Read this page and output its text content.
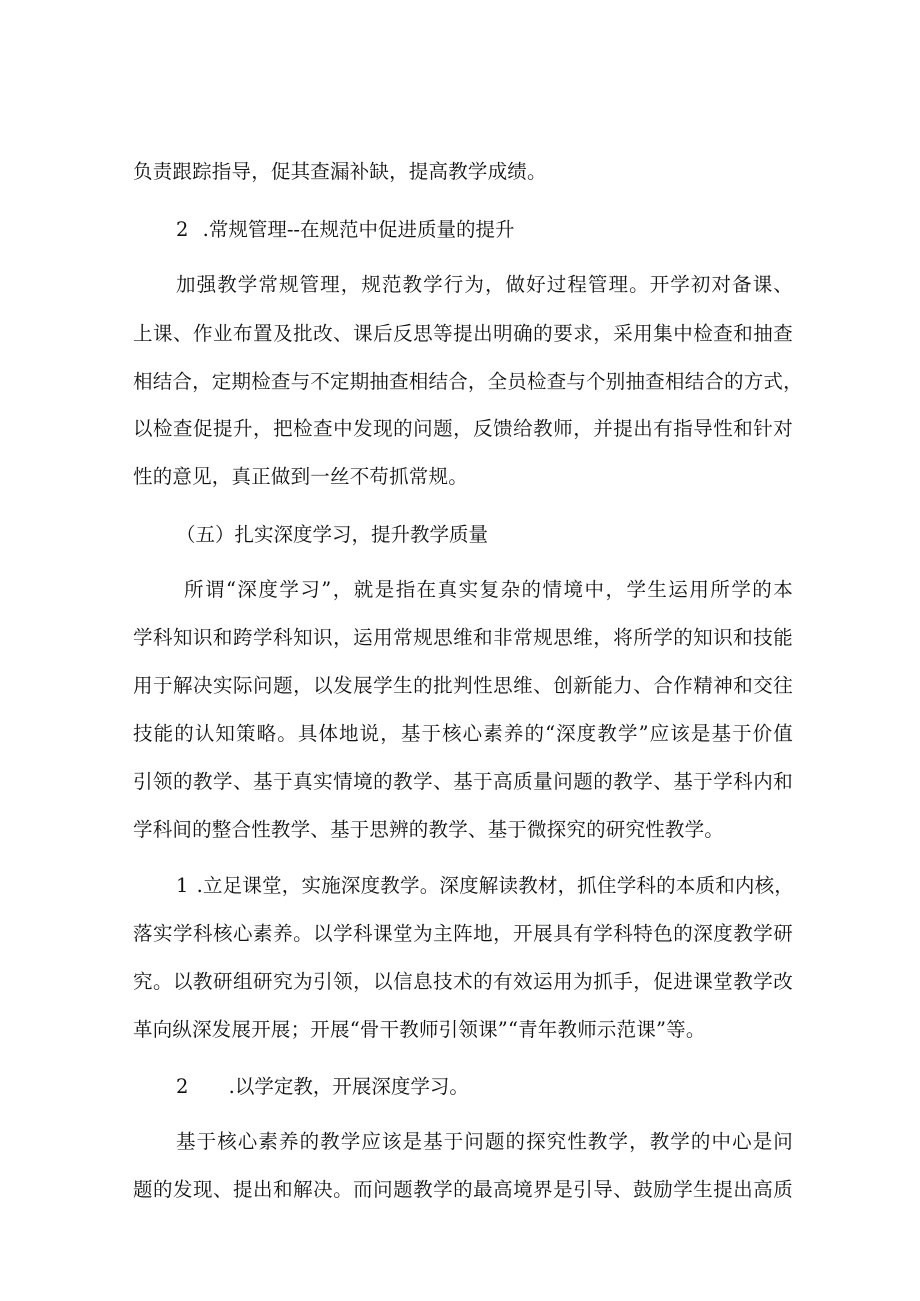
负责跟踪指导，促其查漏补缺，提高教学成绩。
2 .常规管理--在规范中促进质量的提升
加强教学常规管理，规范教学行为，做好过程管理。开学初对备课、
上课、作业布置及批改、课后反思等提出明确的要求，采用集中检查和抽查
相结合，定期检查与不定期抽查相结合，全员检查与个别抽查相结合的方式，
以检查促提升，把检查中发现的问题，反馈给教师，并提出有指导性和针对
性的意见，真正做到一丝不苟抓常规。
（五）扎实深度学习，提升教学质量
所谓“深度学习”，就是指在真实复杂的情境中，学生运用所学的本
学科知识和跨学科知识，运用常规思维和非常规思维，将所学的知识和技能
用于解决实际问题，以发展学生的批判性思维、创新能力、合作精神和交往
技能的认知策略。具体地说，基于核心素养的“深度教学”应该是基于价值
引领的教学、基于真实情境的教学、基于高质量问题的教学、基于学科内和
学科间的整合性教学、基于思辨的教学、基于微探究的研究性教学。
1 .立足课堂，实施深度教学。深度解读教材，抓住学科的本质和内核，
落实学科核心素养。以学科课堂为主阵地，开展具有学科特色的深度教学研
究。以教研组研究为引领，以信息技术的有效运用为抓手，促进课堂教学改
革向纵深发展开展；开展“骨干教师引领课”“青年教师示范课”等。
2 .以学定教，开展深度学习。
基于核心素养的教学应该是基于问题的探究性教学，教学的中心是问
题的发现、提出和解决。而问题教学的最高境界是引导、鼓励学生提出高质
